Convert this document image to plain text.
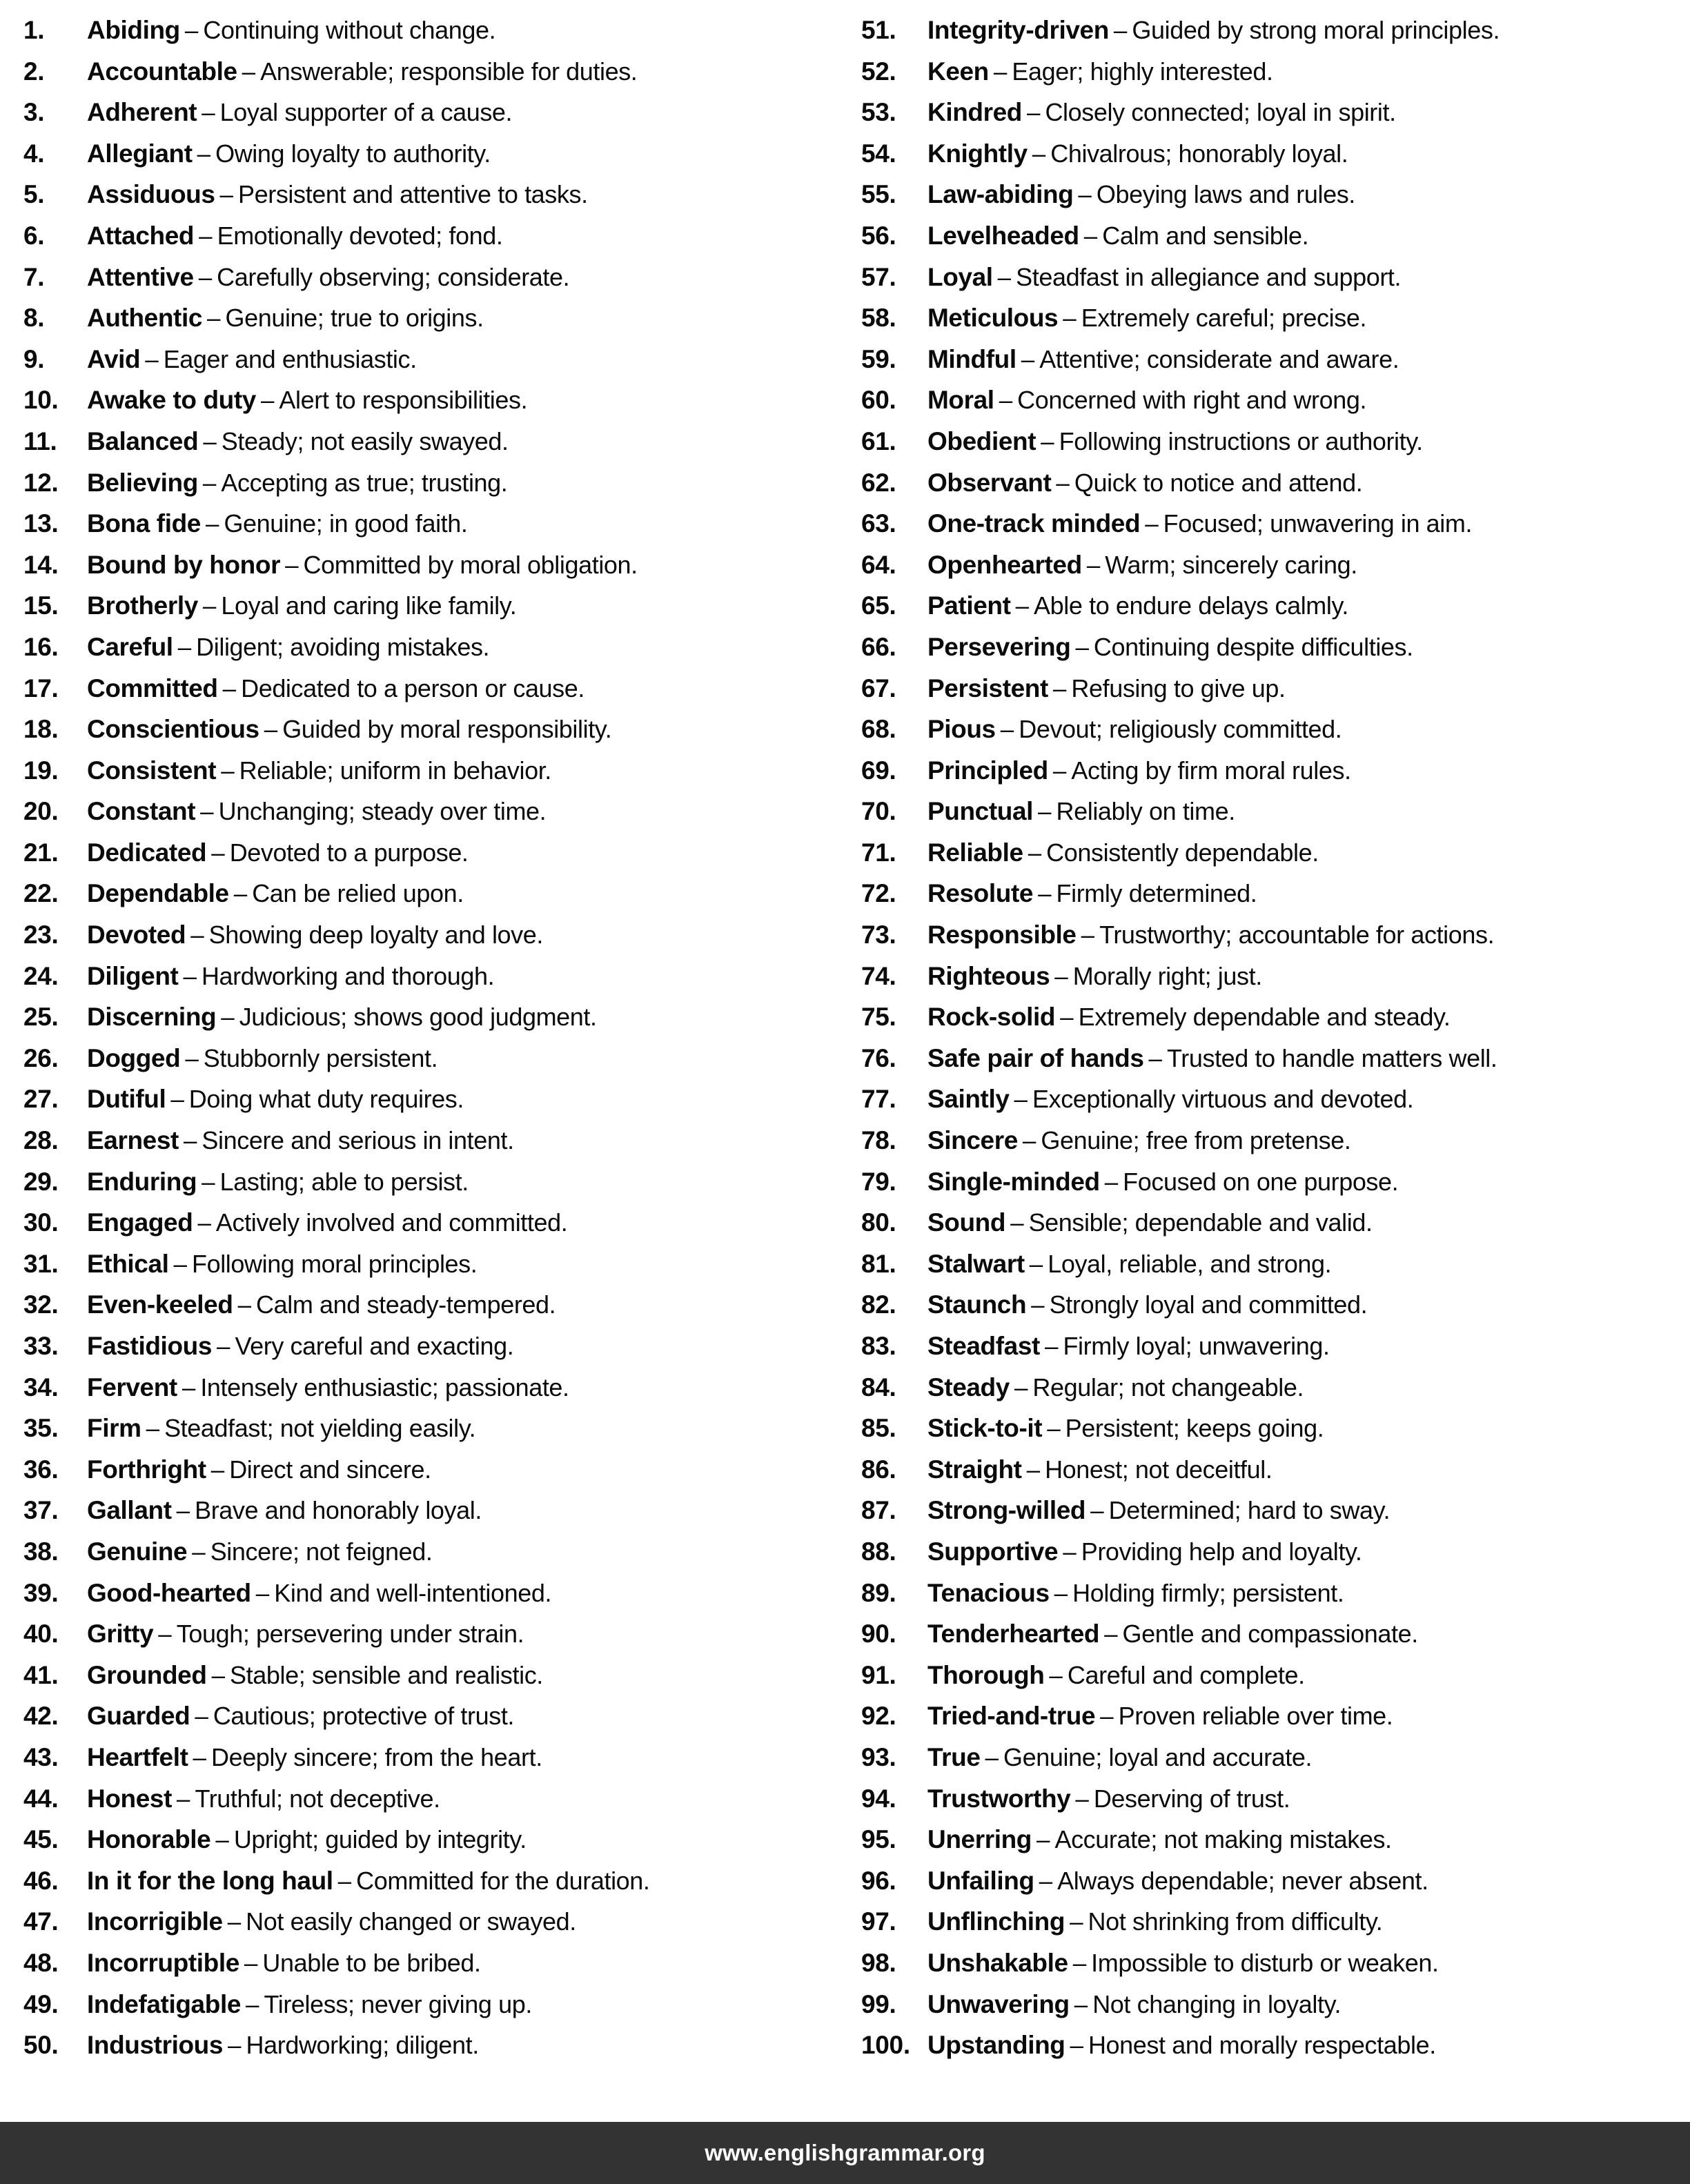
1.	Abiding – Continuing without change.
2.	Accountable – Answerable; responsible for duties.
3.	Adherent – Loyal supporter of a cause.
4.	Allegiant – Owing loyalty to authority.
5.	Assiduous – Persistent and attentive to tasks.
6.	Attached – Emotionally devoted; fond.
7.	Attentive – Carefully observing; considerate.
8.	Authentic – Genuine; true to origins.
9.	Avid – Eager and enthusiastic.
10.	Awake to duty – Alert to responsibilities.
11.	Balanced – Steady; not easily swayed.
12.	Believing – Accepting as true; trusting.
13.	Bona fide – Genuine; in good faith.
14.	Bound by honor – Committed by moral obligation.
15.	Brotherly – Loyal and caring like family.
16.	Careful – Diligent; avoiding mistakes.
17.	Committed – Dedicated to a person or cause.
18.	Conscientious – Guided by moral responsibility.
19.	Consistent – Reliable; uniform in behavior.
20.	Constant – Unchanging; steady over time.
21.	Dedicated – Devoted to a purpose.
22.	Dependable – Can be relied upon.
23.	Devoted – Showing deep loyalty and love.
24.	Diligent – Hardworking and thorough.
25.	Discerning – Judicious; shows good judgment.
26.	Dogged – Stubbornly persistent.
27.	Dutiful – Doing what duty requires.
28.	Earnest – Sincere and serious in intent.
29.	Enduring – Lasting; able to persist.
30.	Engaged – Actively involved and committed.
31.	Ethical – Following moral principles.
32.	Even-keeled – Calm and steady-tempered.
33.	Fastidious – Very careful and exacting.
34.	Fervent – Intensely enthusiastic; passionate.
35.	Firm – Steadfast; not yielding easily.
36.	Forthright – Direct and sincere.
37.	Gallant – Brave and honorably loyal.
38.	Genuine – Sincere; not feigned.
39.	Good-hearted – Kind and well-intentioned.
40.	Gritty – Tough; persevering under strain.
41.	Grounded – Stable; sensible and realistic.
42.	Guarded – Cautious; protective of trust.
43.	Heartfelt – Deeply sincere; from the heart.
44.	Honest – Truthful; not deceptive.
45.	Honorable – Upright; guided by integrity.
46.	In it for the long haul – Committed for the duration.
47.	Incorrigible – Not easily changed or swayed.
48.	Incorruptible – Unable to be bribed.
49.	Indefatigable – Tireless; never giving up.
50.	Industrious – Hardworking; diligent.
51.	Integrity-driven – Guided by strong moral principles.
52.	Keen – Eager; highly interested.
53.	Kindred – Closely connected; loyal in spirit.
54.	Knightly – Chivalrous; honorably loyal.
55.	Law-abiding – Obeying laws and rules.
56.	Levelheaded – Calm and sensible.
57.	Loyal – Steadfast in allegiance and support.
58.	Meticulous – Extremely careful; precise.
59.	Mindful – Attentive; considerate and aware.
60.	Moral – Concerned with right and wrong.
61.	Obedient – Following instructions or authority.
62.	Observant – Quick to notice and attend.
63.	One-track minded – Focused; unwavering in aim.
64.	Openhearted – Warm; sincerely caring.
65.	Patient – Able to endure delays calmly.
66.	Persevering – Continuing despite difficulties.
67.	Persistent – Refusing to give up.
68.	Pious – Devout; religiously committed.
69.	Principled – Acting by firm moral rules.
70.	Punctual – Reliably on time.
71.	Reliable – Consistently dependable.
72.	Resolute – Firmly determined.
73.	Responsible – Trustworthy; accountable for actions.
74.	Righteous – Morally right; just.
75.	Rock-solid – Extremely dependable and steady.
76.	Safe pair of hands – Trusted to handle matters well.
77.	Saintly – Exceptionally virtuous and devoted.
78.	Sincere – Genuine; free from pretense.
79.	Single-minded – Focused on one purpose.
80.	Sound – Sensible; dependable and valid.
81.	Stalwart – Loyal, reliable, and strong.
82.	Staunch – Strongly loyal and committed.
83.	Steadfast – Firmly loyal; unwavering.
84.	Steady – Regular; not changeable.
85.	Stick-to-it – Persistent; keeps going.
86.	Straight – Honest; not deceitful.
87.	Strong-willed – Determined; hard to sway.
88.	Supportive – Providing help and loyalty.
89.	Tenacious – Holding firmly; persistent.
90.	Tenderhearted – Gentle and compassionate.
91.	Thorough – Careful and complete.
92.	Tried-and-true – Proven reliable over time.
93.	True – Genuine; loyal and accurate.
94.	Trustworthy – Deserving of trust.
95.	Unerring – Accurate; not making mistakes.
96.	Unfailing – Always dependable; never absent.
97.	Unflinching – Not shrinking from difficulty.
98.	Unshakable – Impossible to disturb or weaken.
99.	Unwavering – Not changing in loyalty.
100. Upstanding – Honest and morally respectable.
www.englishgrammar.org
